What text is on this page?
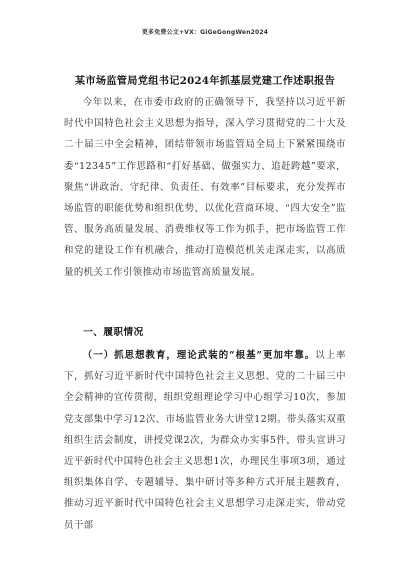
更多免费公文+VX：GiGeGongWen2024
某市场监管局党组书记2024年抓基层党建工作述职报告

今年以来，在市委市政府的正确领导下，我坚持以习近平新时代中国特色社会主义思想为指导，深入学习贯彻党的二十大及二十届三中全会精神，团结带领市场监管局全局上下紧紧围绕市委“12345”工作思路和“打好基础、做强实力、追赶跨越”要求，聚焦“讲政治、守纪律、负责任、有效率”目标要求，充分发挥市场监管的职能优势和组织优势，以优化营商环境、“四大安全”监管、服务高质量发展、消费维权等工作为抓手，把市场监管工作和党的建设工作有机融合，推动打造模范机关走深走实，以高质量的机关工作引领推动市场监管高质量发展。

一、履职情况

（一）抓思想教育，理论武装的“根基”更加牢靠。以上率下，抓好习近平新时代中国特色社会主义思想、党的二十届三中全会精神的宣传贯彻，组织党组理论学习中心组学习10次，参加党支部集中学习12次、市场监管业务大讲堂12期。带头落实双重组织生活会制度，讲授党课2次，为群众办实事5件，带头宣讲习近平新时代中国特色社会主义思想1次，办理民生事项3项，通过组织集体自学、专题辅导、集中研讨等多种方式开展主题教育，推动习近平新时代中国特色社会主义思想学习走深走实，带动党员干部
